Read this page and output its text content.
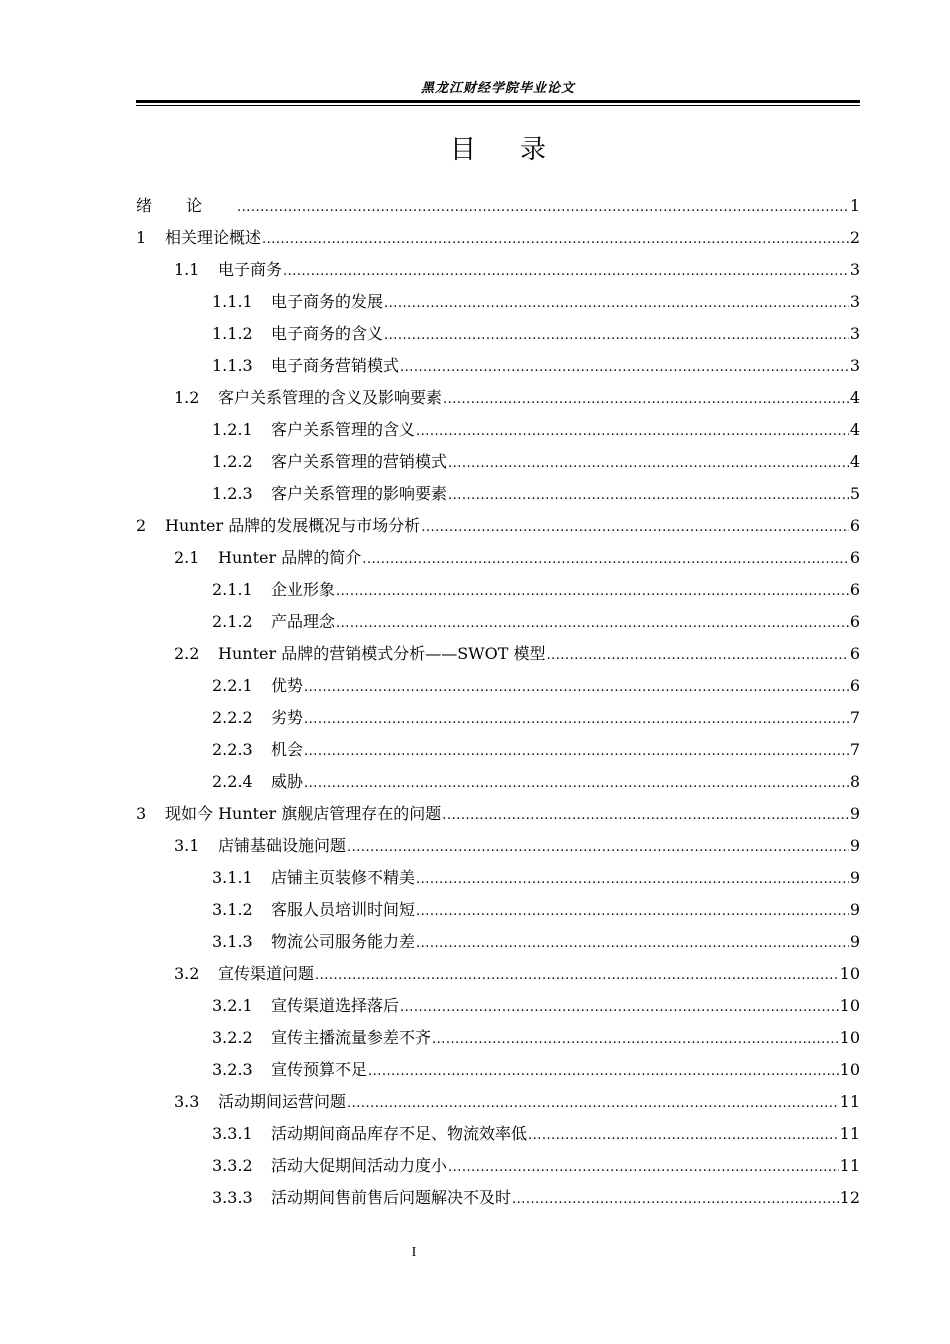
黑龙江财经学院毕业论文
目录
绪论 .....	1
1	相关理论概述 .....	2
1.1	电子商务 .....	3
1.1.1	电子商务的发展 .....	3
1.1.2	电子商务的含义 .....	3
1.1.3	电子商务营销模式 .....	3
1.2	客户关系管理的含义及影响要素 .....	4
1.2.1	客户关系管理的含义 .....	4
1.2.2	客户关系管理的营销模式 .....	4
1.2.3	客户关系管理的影响要素 .....	5
2	Hunter 品牌的发展概况与市场分析 .....	6
2.1	Hunter 品牌的简介 .....	6
2.1.1	企业形象 .....	6
2.1.2	产品理念 .....	6
2.2	Hunter 品牌的营销模式分析——SWOT 模型 .....	6
2.2.1	优势 .....	6
2.2.2	劣势 .....	7
2.2.3	机会 .....	7
2.2.4	威胁 .....	8
3	现如今 Hunter 旗舰店管理存在的问题 .....	9
3.1	店铺基础设施问题 .....	9
3.1.1	店铺主页装修不精美 .....	9
3.1.2	客服人员培训时间短 .....	9
3.1.3	物流公司服务能力差 .....	9
3.2	宣传渠道问题 .....	10
3.2.1	宣传渠道选择落后 .....	10
3.2.2	宣传主播流量参差不齐 .....	10
3.2.3	宣传预算不足 .....	10
3.3	活动期间运营问题 .....	11
3.3.1	活动期间商品库存不足、物流效率低 .....	11
3.3.2	活动大促期间活动力度小 .....	11
3.3.3	活动期间售前售后问题解决不及时 .....	12
I
